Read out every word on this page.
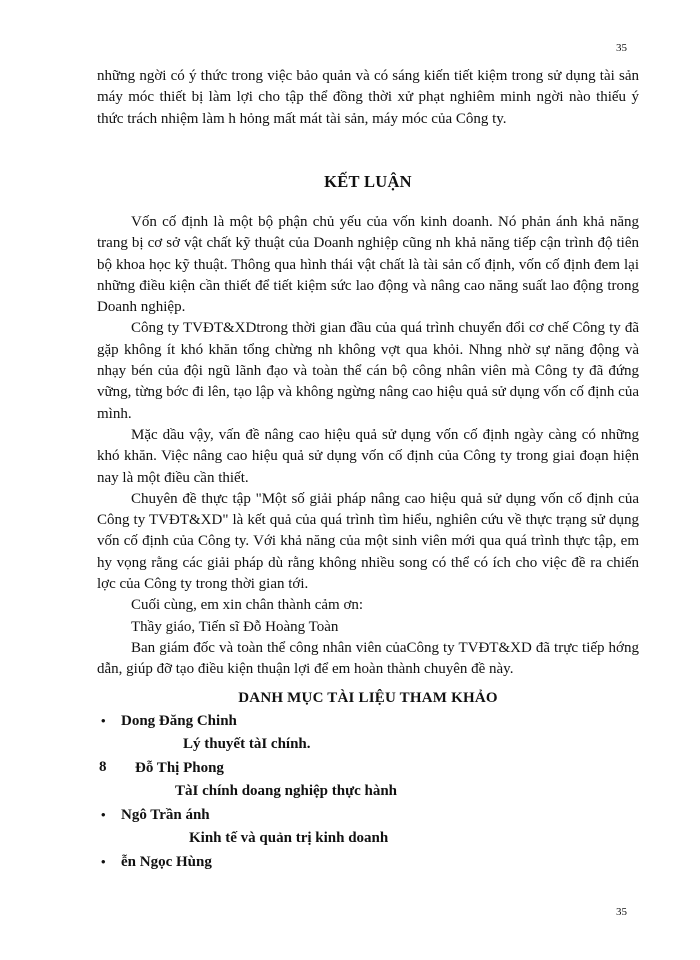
35

những ngời có ý thức trong việc bảo quản và có sáng kiến tiết kiệm trong sử dụng tài sản máy móc thiết bị làm lợi cho tập thể đồng thời xử phạt nghiêm minh ngời nào thiếu ý thức trách nhiệm làm h hỏng mất mát tài sản, máy móc của Công ty.

KẾT LUẬN

Vốn cố định là một bộ phận chủ yếu của vốn kinh doanh. Nó phản ánh khả năng trang bị cơ sở vật chất kỹ thuật của Doanh nghiệp cũng nh khả năng tiếp cận trình độ tiên bộ khoa học kỹ thuật. Thông qua hình thái vật chất là tài sản cố định, vốn cố định đem lại những điều kiện cần thiết để tiết kiệm sức lao động và nâng cao năng suất lao động trong Doanh nghiệp.

Công ty TVĐT&XDtrong thời gian đầu của quá trình chuyển đổi cơ chế Công ty đã gặp không ít khó khăn tổng chừng nh không vợt qua khỏi. Nhng nhờ sự năng động và nhạy bén của đội ngũ lãnh đạo và toàn thể cán bộ công nhân viên mà Công ty đã đứng vững, từng bớc đi lên, tạo lập và không ngừng nâng cao hiệu quả sử dụng vốn cố định của mình.

Mặc dầu vậy, vấn đề nâng cao hiệu quả sử dụng vốn cố định ngày càng có những khó khăn. Việc nâng cao hiệu quả sử dụng vốn cố định của Công ty trong giai đoạn hiện nay là một điều cần thiết.

Chuyên đề thực tập "Một số giải pháp nâng cao hiệu quả sử dụng vốn cố định của Công ty TVĐT&XD" là kết quả của quá trình tìm hiểu, nghiên cứu về thực trạng sử dụng vốn cố định của Công ty. Với khả năng của một sinh viên mới qua quá trình thực tập, em hy vọng rằng các giải pháp dù rằng không nhiều song có thể có ích cho việc đề ra chiến lợc của Công ty trong thời gian tới.

Cuối cùng, em xin chân thành cảm ơn:

Thầy giáo, Tiến sĩ Đỗ Hoàng Toàn

Ban giám đốc và toàn thể công nhân viên củaCông ty TVĐT&XD đã trực tiếp hớng dẫn, giúp đỡ tạo điều kiện thuận lợi để em hoàn thành chuyên đề này.

DANH MỤC TÀI LIỆU THAM KHẢO
• Dong Đăng Chinh
Lý thuyết tàI chính.
8 Đỗ Thị Phong
TàI chính doang nghiệp thực hành
• Ngô Trần ánh
Kinh tế và quản trị kinh doanh
• ễn Ngọc Hùng
35
